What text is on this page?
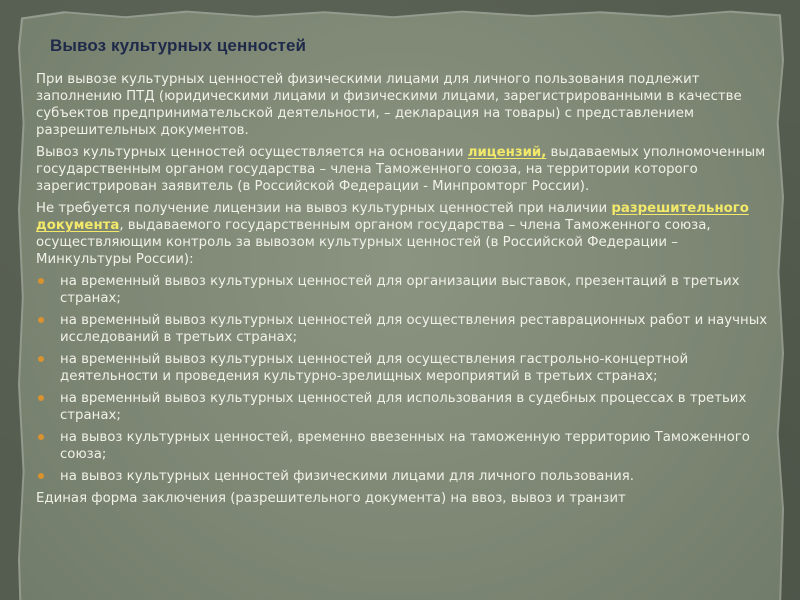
Вывоз культурных ценностей

При вывозе культурных ценностей физическими лицами для личного пользования подлежит заполнению ПТД (юридическими лицами и физическими лицами, зарегистрированными в качестве субъектов предпринимательской деятельности, – декларация на товары) с представлением разрешительных документов.

Вывоз культурных ценностей осуществляется на основании лицензий, выдаваемых уполномоченным государственным органом государства – члена Таможенного союза, на территории которого зарегистрирован заявитель (в Российской Федерации - Минпромторг России).

Не требуется получение лицензии на вывоз культурных ценностей при наличии разрешительного документа, выдаваемого государственным органом государства – члена Таможенного союза, осуществляющим контроль за вывозом культурных ценностей (в Российской Федерации – Минкультуры России):

на временный вывоз культурных ценностей для организации выставок, презентаций в третьих странах;
на временный вывоз культурных ценностей для осуществления реставрационных работ и научных исследований в третьих странах;
на временный вывоз культурных ценностей для осуществления гастрольно-концертной деятельности и проведения культурно-зрелищных мероприятий в третьих странах;
на временный вывоз культурных ценностей для использования в судебных процессах в третьих странах;
на вывоз культурных ценностей, временно ввезенных на таможенную территорию Таможенного союза;
на вывоз культурных ценностей физическими лицами для личного пользования.

Единая форма заключения (разрешительного документа) на ввоз, вывоз и транзит
